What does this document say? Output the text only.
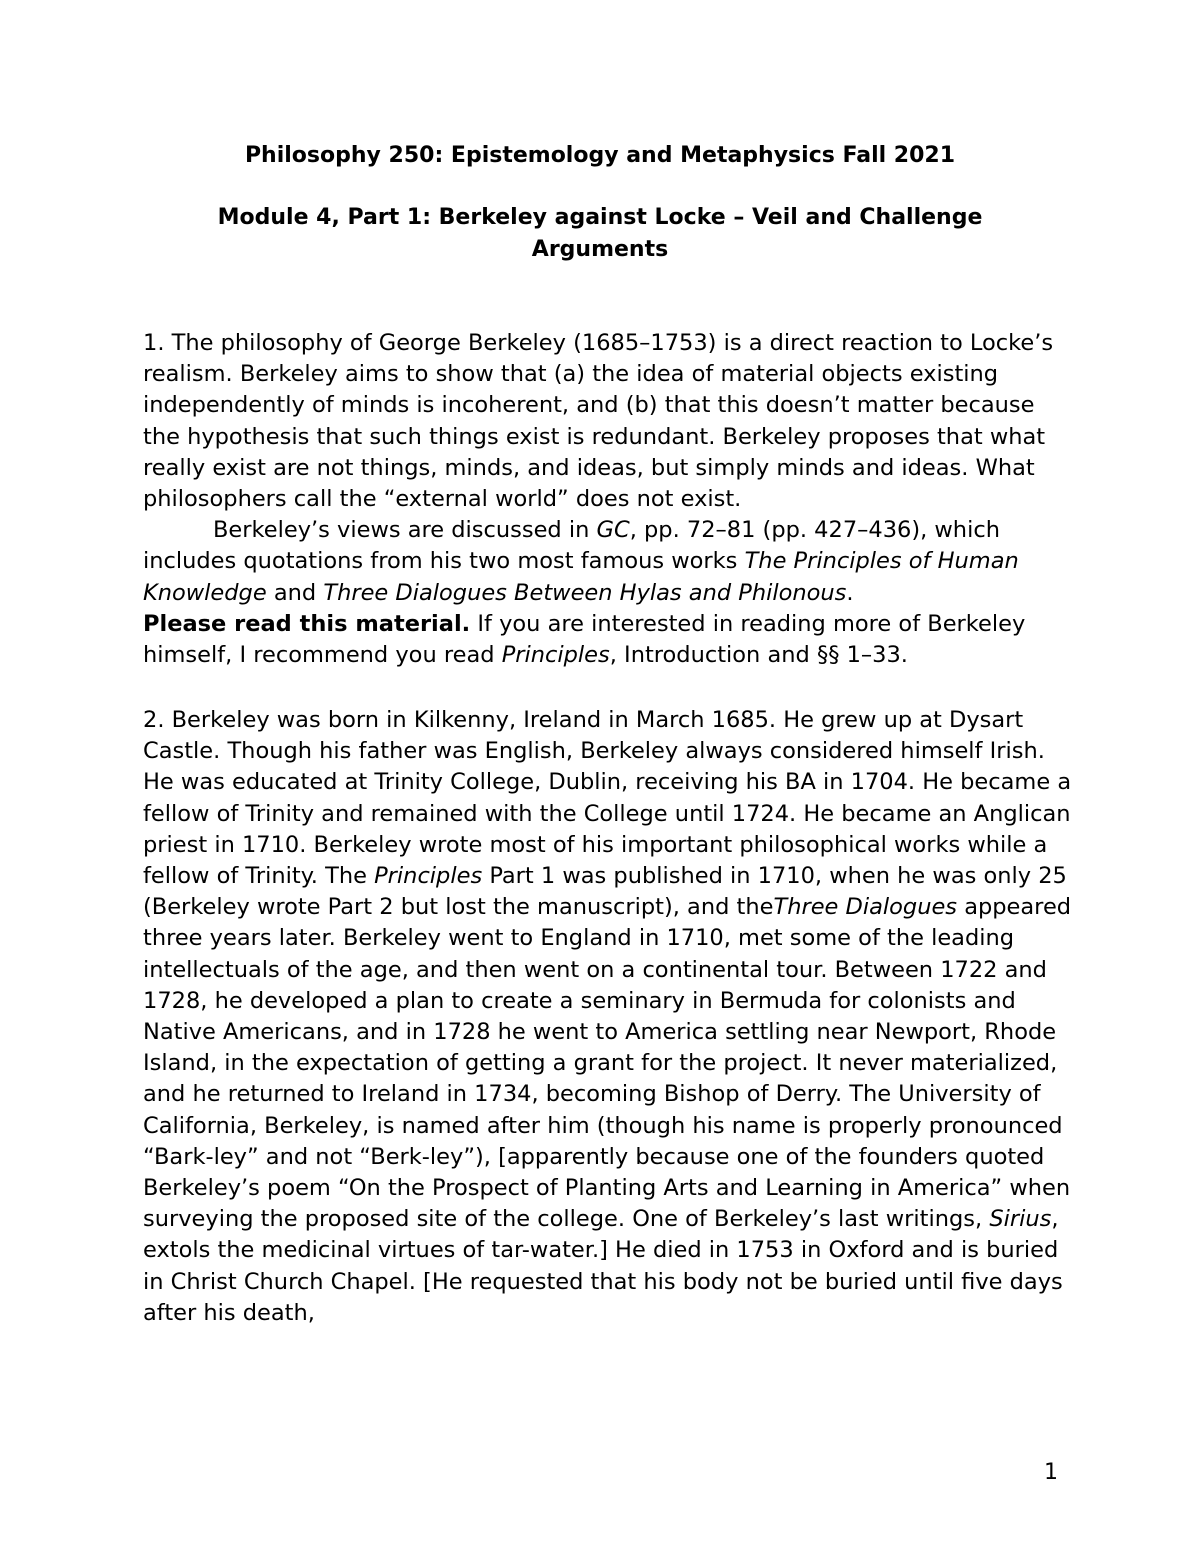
Philosophy 250: Epistemology and Metaphysics Fall 2021

Module 4, Part 1: Berkeley against Locke – Veil and Challenge
Arguments

1. The philosophy of George Berkeley (1685–1753) is a direct reaction to Locke’s realism. Berkeley aims to show that (a) the idea of material objects existing independently of minds is incoherent, and (b) that this doesn’t matter because the hypothesis that such things exist is redundant. Berkeley proposes that what really exist are not things, minds, and ideas, but simply minds and ideas. What philosophers call the “external world” does not exist.
Berkeley’s views are discussed in GC, pp. 72–81 (pp. 427–436), which includes quotations from his two most famous works The Principles of Human Knowledge and Three Dialogues Between Hylas and Philonous.
Please read this material. If you are interested in reading more of Berkeley himself, I recommend you read Principles, Introduction and §§ 1–33.

2. Berkeley was born in Kilkenny, Ireland in March 1685. He grew up at Dysart Castle. Though his father was English, Berkeley always considered himself Irish. He was educated at Trinity College, Dublin, receiving his BA in 1704. He became a fellow of Trinity and remained with the College until 1724. He became an Anglican priest in 1710. Berkeley wrote most of his important philosophical works while a fellow of Trinity. The Principles Part 1 was published in 1710, when he was only 25 (Berkeley wrote Part 2 but lost the manuscript), and theThree Dialogues appeared three years later. Berkeley went to England in 1710, met some of the leading intellectuals of the age, and then went on a continental tour. Between 1722 and 1728, he developed a plan to create a seminary in Bermuda for colonists and Native Americans, and in 1728 he went to America settling near Newport, Rhode Island, in the expectation of getting a grant for the project. It never materialized, and he returned to Ireland in 1734, becoming Bishop of Derry. The University of California, Berkeley, is named after him (though his name is properly pronounced “Bark-ley” and not “Berk-ley”), [apparently because one of the founders quoted Berkeley’s poem “On the Prospect of Planting Arts and Learning in America” when surveying the proposed site of the college. One of Berkeley’s last writings, Sirius, extols the medicinal virtues of tar-water.] He died in 1753 in Oxford and is buried in Christ Church Chapel. [He requested that his body not be buried until five days after his death,

1
